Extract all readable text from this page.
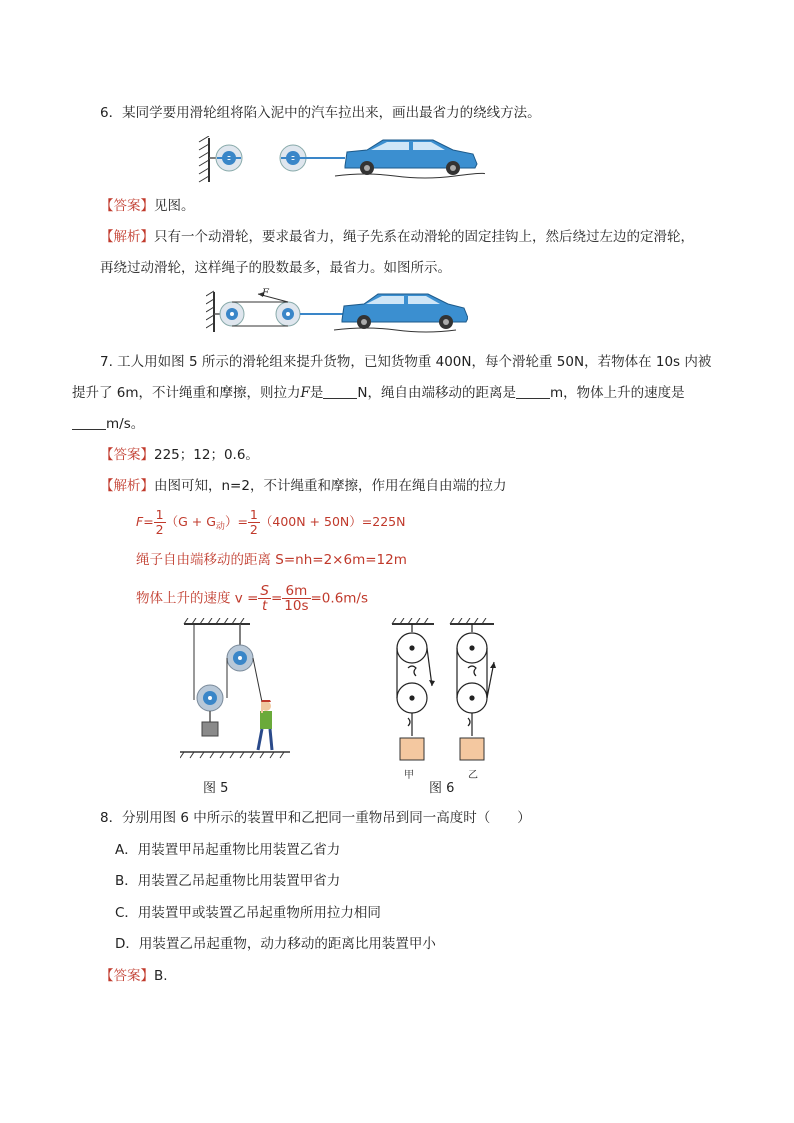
6．某同学要用滑轮组将陷入泥中的汽车拉出来，画出最省力的绕线方法。
【答案】见图。
【解析】只有一个动滑轮，要求最省力，绳子先系在动滑轮的固定挂钩上，然后绕过左边的定滑轮，
再绕过动滑轮，这样绳子的股数最多，最省力。如图所示。
F
7. 工人用如图 5 所示的滑轮组来提升货物，已知货物重 400N，每个滑轮重 50N，若物体在 10s 内被
提升了 6m，不计绳重和摩擦，则拉力F是	N，绳自由端移动的距离是	m，物体上升的速度是
m/s。
【答案】225；12；0.6。
【解析】由图可知，n=2，不计绳重和摩擦，作用在绳自由端的拉力
$F= \frac{1}{2} (G + G_动)= \frac{1}{2} (400N + 50N)=225N$
绳子自由端移动的距离 S=nh=2×6m=12m
物体上升的速度 $v = \frac{S}{t} = \frac{6m}{10s} =0.6m/s$
图 5
甲	乙
图 6
8．分别用图 6 中所示的装置甲和乙把同一重物吊到同一高度时（　　）
A．用装置甲吊起重物比用装置乙省力
B．用装置乙吊起重物比用装置甲省力
C．用装置甲或装置乙吊起重物所用拉力相同
D．用装置乙吊起重物，动力移动的距离比用装置甲小
【答案】B.
